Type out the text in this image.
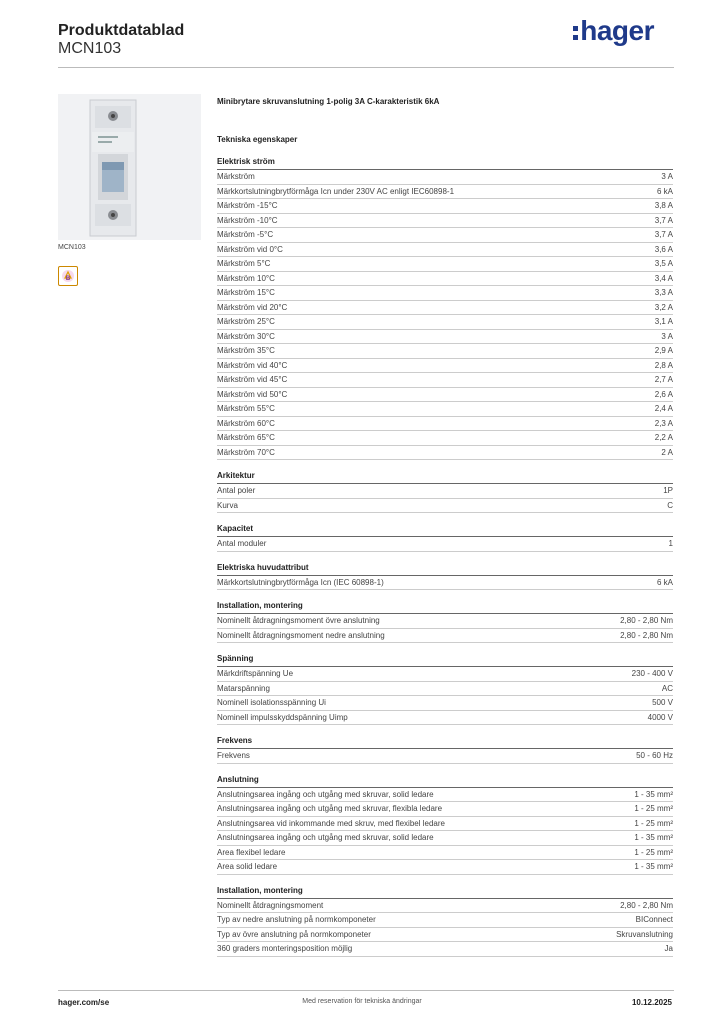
Produktdatablad
MCN103
hager
MCN103
B
Minibrytare skruvanslutning 1-polig 3A C-karakteristik 6kA
Tekniska egenskaper
Elektrisk ström
Märkström	3 A
Märkkortslutningbrytförmåga Icn under 230V AC enligt IEC60898-1	6 kA
Märkström -15°C	3,8 A
Märkström -10°C	3,7 A
Märkström -5°C	3,7 A
Märkström vid 0°C	3,6 A
Märkström 5°C	3,5 A
Märkström 10°C	3,4 A
Märkström 15°C	3,3 A
Märkström vid 20°C	3,2 A
Märkström 25°C	3,1 A
Märkström 30°C	3 A
Märkström 35°C	2,9 A
Märkström vid 40°C	2,8 A
Märkström vid 45°C	2,7 A
Märkström vid 50°C	2,6 A
Märkström 55°C	2,4 A
Märkström 60°C	2,3 A
Märkström 65°C	2,2 A
Märkström 70°C	2 A
Arkitektur
Antal poler	1P
Kurva	C
Kapacitet
Antal moduler	1
Elektriska huvudattribut
Märkkortslutningbrytförmåga Icn (IEC 60898-1)	6 kA
Installation, montering
Nominellt åtdragningsmoment övre anslutning	2,80 - 2,80 Nm
Nominellt åtdragningsmoment nedre anslutning	2,80 - 2,80 Nm
Spänning
Märkdriftspänning Ue	230 - 400 V
Matarspänning	AC
Nominell isolationsspänning Ui	500 V
Nominell impulsskyddspänning Uimp	4000 V
Frekvens
Frekvens	50 - 60 Hz
Anslutning
Anslutningsarea ingång och utgång med skruvar, solid ledare	1 - 35 mm²
Anslutningsarea ingång och utgång med skruvar, flexibla ledare	1 - 25 mm²
Anslutningsarea vid inkommande med skruv, med flexibel ledare	1 - 25 mm²
Anslutningsarea ingång och utgång med skruvar, solid ledare	1 - 35 mm²
Area flexibel ledare	1 - 25 mm²
Area solid ledare	1 - 35 mm²
Installation, montering
Nominellt åtdragningsmoment	2,80 - 2,80 Nm
Typ av nedre anslutning på normkomponeter	BIConnect
Typ av övre anslutning på normkomponeter	Skruvanslutning
360 graders monteringsposition möjlig	Ja
hager.com/se	Med reservation för tekniska ändringar	10.12.2025
